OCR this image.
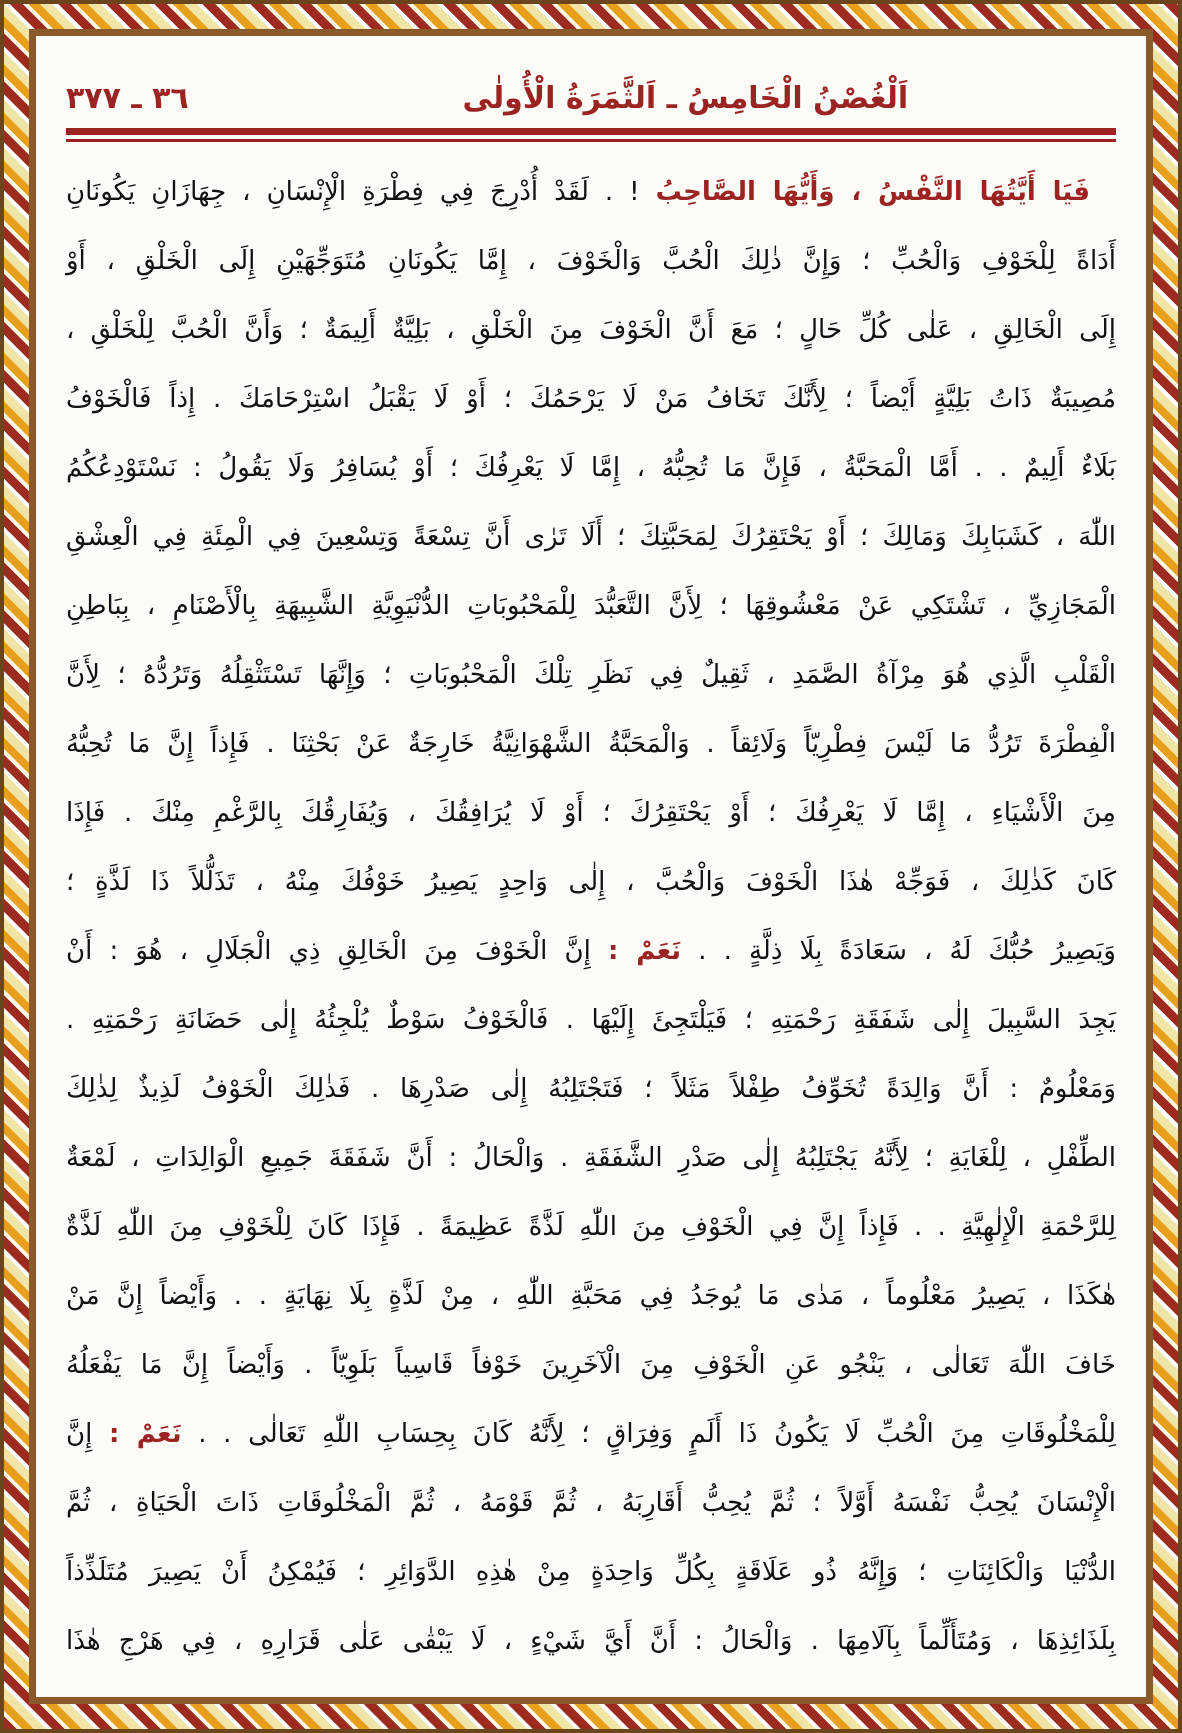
اَلْغُصْنُ الْخَامِسُ ـ اَلثَّمَرَةُ الْأُولٰى
٣٦ ـ ٣٧٧
فَيَا أَيَّتُهَا النَّفْسُ ، وَأَيُّهَا الصَّاحِبُ ! . لَقَدْ أُدْرِجَ فِي فِطْرَةِ الْإِنْسَانِ ، جِهَازَانِ يَكُونَانِ
أَدَاةً لِلْخَوْفِ وَالْحُبِّ ؛ وَإِنَّ ذٰلِكَ الْحُبَّ وَالْخَوْفَ ، إِمَّا يَكُونَانِ مُتَوَجِّهَيْنِ إِلَى الْخَلْقِ ، أَوْ
إِلَى الْخَالِقِ ، عَلٰى كُلِّ حَالٍ ؛ مَعَ أَنَّ الْخَوْفَ مِنَ الْخَلْقِ ، بَلِيَّةٌ أَلِيمَةٌ ؛ وَأَنَّ الْحُبَّ لِلْخَلْقِ ،
مُصِيبَةٌ ذَاتُ بَلِيَّةٍ أَيْضاً ؛ لِأَنَّكَ تَخَافُ مَنْ لَا يَرْحَمُكَ ؛ أَوْ لَا يَقْبَلُ اسْتِرْحَامَكَ . إِذاً فَالْخَوْفُ
بَلَاءٌ أَلِيمٌ . . أَمَّا الْمَحَبَّةُ ، فَإِنَّ مَا تُحِبُّهُ ، إِمَّا لَا يَعْرِفُكَ ؛ أَوْ يُسَافِرُ وَلَا يَقُولُ : نَسْتَوْدِعُكُمُ
اللّٰهَ ، كَشَبَابِكَ وَمَالِكَ ؛ أَوْ يَحْتَقِرُكَ لِمَحَبَّتِكَ ؛ أَلَا تَرٰى أَنَّ تِسْعَةً وَتِسْعِينَ فِي الْمِئَةِ فِي الْعِشْقِ
الْمَجَازِيِّ ، تَشْتَكِي عَنْ مَعْشُوقِهَا ؛ لِأَنَّ التَّعَبُّدَ لِلْمَحْبُوبَاتِ الدُّنْيَوِيَّةِ الشَّبِيهَةِ بِالْأَصْنَامِ ، بِبَاطِنِ
الْقَلْبِ الَّذِي هُوَ مِرْآةُ الصَّمَدِ ، ثَقِيلٌ فِي نَظَرِ تِلْكَ الْمَحْبُوبَاتِ ؛ وَإِنَّهَا تَسْتَثْقِلُهُ وَتَرُدُّهُ ؛ لِأَنَّ
الْفِطْرَةَ تَرُدُّ مَا لَيْسَ فِطْرِيّاً وَلَائِقاً . وَالْمَحَبَّةُ الشَّهْوَانِيَّةُ خَارِجَةٌ عَنْ بَحْثِنَا . فَإِذاً إِنَّ مَا تُحِبُّهُ
مِنَ الْأَشْيَاءِ ، إِمَّا لَا يَعْرِفُكَ ؛ أَوْ يَحْتَقِرُكَ ؛ أَوْ لَا يُرَافِقُكَ ، وَيُفَارِقُكَ بِالرَّغْمِ مِنْكَ . فَإِذَا
كَانَ كَذٰلِكَ ، فَوَجِّهْ هٰذَا الْخَوْفَ وَالْحُبَّ ، إِلٰى وَاحِدٍ يَصِيرُ خَوْفُكَ مِنْهُ ، تَذَلُّلاً ذَا لَذَّةٍ ؛
وَيَصِيرُ حُبُّكَ لَهُ ، سَعَادَةً بِلَا ذِلَّةٍ . . نَعَمْ : إِنَّ الْخَوْفَ مِنَ الْخَالِقِ ذِي الْجَلَالِ ، هُوَ : أَنْ
يَجِدَ السَّبِيلَ إِلٰى شَفَقَةِ رَحْمَتِهِ ؛ فَيَلْتَجِئَ إِلَيْهَا . فَالْخَوْفُ سَوْطٌ يُلْجِئُهُ إِلٰى حَضَانَةِ رَحْمَتِهِ .
وَمَعْلُومٌ : أَنَّ وَالِدَةً تُخَوِّفُ طِفْلاً مَثَلاً ؛ فَتَجْتَلِبُهُ إِلٰى صَدْرِهَا . فَذٰلِكَ الْخَوْفُ لَذِيذٌ لِذٰلِكَ
الطِّفْلِ ، لِلْغَايَةِ ؛ لِأَنَّهُ يَجْتَلِبُهُ إِلٰى صَدْرِ الشَّفَقَةِ . وَالْحَالُ : أَنَّ شَفَقَةَ جَمِيعِ الْوَالِدَاتِ ، لَمْعَةٌ
لِلرَّحْمَةِ الْإِلٰهِيَّةِ . . فَإِذاً إِنَّ فِي الْخَوْفِ مِنَ اللّٰهِ لَذَّةً عَظِيمَةً . فَإِذَا كَانَ لِلْخَوْفِ مِنَ اللّٰهِ لَذَّةٌ
هٰكَذَا ، يَصِيرُ مَعْلُوماً ، مَدٰى مَا يُوجَدُ فِي مَحَبَّةِ اللّٰهِ ، مِنْ لَذَّةٍ بِلَا نِهَايَةٍ . . وَأَيْضاً إِنَّ مَنْ
خَافَ اللّٰهَ تَعَالٰى ، يَنْجُو عَنِ الْخَوْفِ مِنَ الْآخَرِينَ خَوْفاً قَاسِياً بَلَوِيّاً . وَأَيْضاً إِنَّ مَا يَفْعَلُهُ
لِلْمَخْلُوقَاتِ مِنَ الْحُبِّ لَا يَكُونُ ذَا أَلَمٍ وَفِرَاقٍ ؛ لِأَنَّهُ كَانَ بِحِسَابِ اللّٰهِ تَعَالٰى . . نَعَمْ : إِنَّ
الْإِنْسَانَ يُحِبُّ نَفْسَهُ أَوَّلاً ؛ ثُمَّ يُحِبُّ أَقَارِبَهُ ، ثُمَّ قَوْمَهُ ، ثُمَّ الْمَخْلُوقَاتِ ذَاتَ الْحَيَاةِ ، ثُمَّ
الدُّنْيَا وَالْكَائِنَاتِ ؛ وَإِنَّهُ ذُو عَلَاقَةٍ بِكُلِّ وَاحِدَةٍ مِنْ هٰذِهِ الدَّوَائِرِ ؛ فَيُمْكِنُ أَنْ يَصِيرَ مُتَلَذِّذاً
بِلَذَائِذِهَا ، وَمُتَأَلِّماً بِآلَامِهَا . وَالْحَالُ : أَنَّ أَيَّ شَيْءٍ ، لَا يَبْقٰى عَلٰى قَرَارِهِ ، فِي هَرْجِ هٰذَا
